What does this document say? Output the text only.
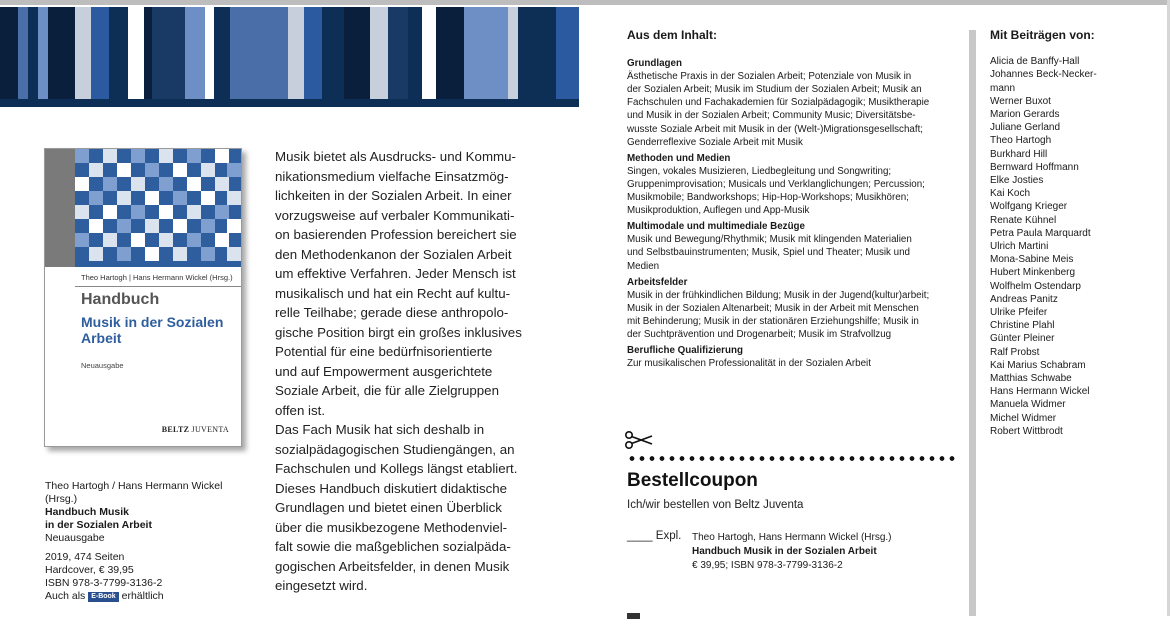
Theo Hartogh | Hans Hermann Wickel (Hrsg.)
Handbuch
Musik in der Sozialen Arbeit
Neuausgabe
BELTZ JUVENTA
Theo Hartogh / Hans Hermann Wickel
(Hrsg.)
Handbuch Musik
in der Sozialen Arbeit
Neuausgabe
2019, 474 Seiten
Hardcover, € 39,95
ISBN 978-3-7799-3136-2
Auch als E-Book erhältlich

Musik bietet als Ausdrucks- und Kommu-
nikationsmedium vielfache Einsatzmög-
lichkeiten in der Sozialen Arbeit. In einer
vorzugsweise auf verbaler Kommunikati-
on basierenden Profession bereichert sie
den Methodenkanon der Sozialen Arbeit
um effektive Verfahren. Jeder Mensch ist
musikalisch und hat ein Recht auf kultu-
relle Teilhabe; gerade diese anthropolo-
gische Position birgt ein großes inklusives
Potential für eine bedürfnisorientierte
und auf Empowerment ausgerichtete
Soziale Arbeit, die für alle Zielgruppen
offen ist.

Das Fach Musik hat sich deshalb in
sozialpädagogischen Studiengängen, an
Fachschulen und Kollegs längst etabliert.
Dieses Handbuch diskutiert didaktische
Grundlagen und bietet einen Überblick
über die musikbezogene Methodenviel-
falt sowie die maßgeblichen sozialpäda-
gogischen Arbeitsfelder, in denen Musik
eingesetzt wird.

Aus dem Inhalt:
Grundlagen
Ästhetische Praxis in der Sozialen Arbeit; Potenziale von Musik in
der Sozialen Arbeit; Musik im Studium der Sozialen Arbeit; Musik an
Fachschulen und Fachakademien für Sozialpädagogik; Musiktherapie
und Musik in der Sozialen Arbeit; Community Music; Diversitätsbe-
wusste Soziale Arbeit mit Musik in der (Welt-)Migrationsgesellschaft;
Genderreflexive Soziale Arbeit mit Musik
Methoden und Medien
Singen, vokales Musizieren, Liedbegleitung und Songwriting;
Gruppenimprovisation; Musicals und Verklanglichungen; Percussion;
Musikmobile; Bandworkshops; Hip-Hop-Workshops; Musikhören;
Musikproduktion, Auflegen und App-Musik
Multimodale und multimediale Bezüge
Musik und Bewegung/Rhythmik; Musik mit klingenden Materialien
und Selbstbauinstrumenten; Musik, Spiel und Theater; Musik und
Medien
Arbeitsfelder
Musik in der frühkindlichen Bildung; Musik in der Jugend(kultur)arbeit;
Musik in der Sozialen Altenarbeit; Musik in der Arbeit mit Menschen
mit Behinderung; Musik in der stationären Erziehungshilfe; Musik in
der Suchtprävention und Drogenarbeit; Musik im Strafvollzug
Berufliche Qualifizierung
Zur musikalischen Professionalität in der Sozialen Arbeit
Mit Beiträgen von:
Alicia de Banffy-Hall
Johannes Beck-Necker-
mann
Werner Buxot
Marion Gerards
Juliane Gerland
Theo Hartogh
Burkhard Hill
Bernward Hoffmann
Elke Josties
Kai Koch
Wolfgang Krieger
Renate Kühnel
Petra Paula Marquardt
Ulrich Martini
Mona-Sabine Meis
Hubert Minkenberg
Wolfhelm Ostendarp
Andreas Panitz
Ulrike Pfeifer
Christine Plahl
Günter Pleiner
Ralf Probst
Kai Marius Schabram
Matthias Schwabe
Hans Hermann Wickel
Manuela Widmer
Michel Widmer
Robert Wittbrodt
Bestellcoupon
Ich/wir bestellen von Beltz Juventa
____ Expl. Theo Hartogh, Hans Hermann Wickel (Hrsg.)
Handbuch Musik in der Sozialen Arbeit
€ 39,95; ISBN 978-3-7799-3136-2
